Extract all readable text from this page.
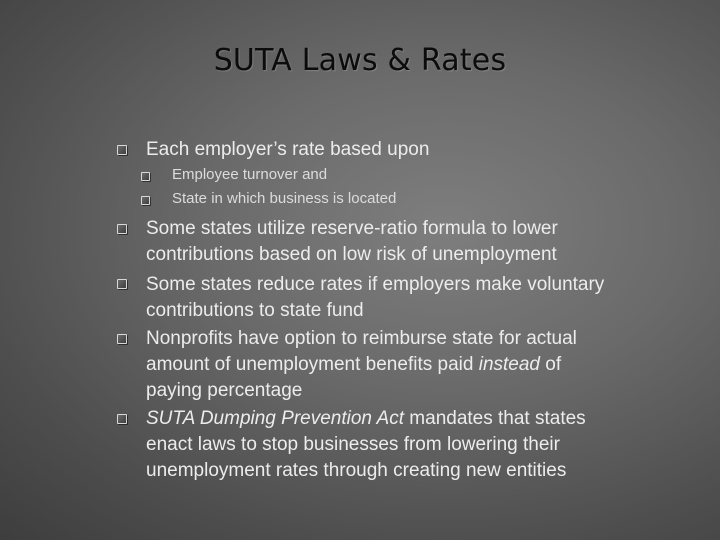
SUTA Laws & Rates
Each employer’s rate based upon
Employee turnover and
State in which business is located
Some states utilize reserve-ratio formula to lower
contributions based on low risk of unemployment
Some states reduce rates if employers make voluntary
contributions to state fund
Nonprofits have option to reimburse state for actual
amount of unemployment benefits paid instead of
paying percentage
SUTA Dumping Prevention Act mandates that states
enact laws to stop businesses from lowering their
unemployment rates through creating new entities
